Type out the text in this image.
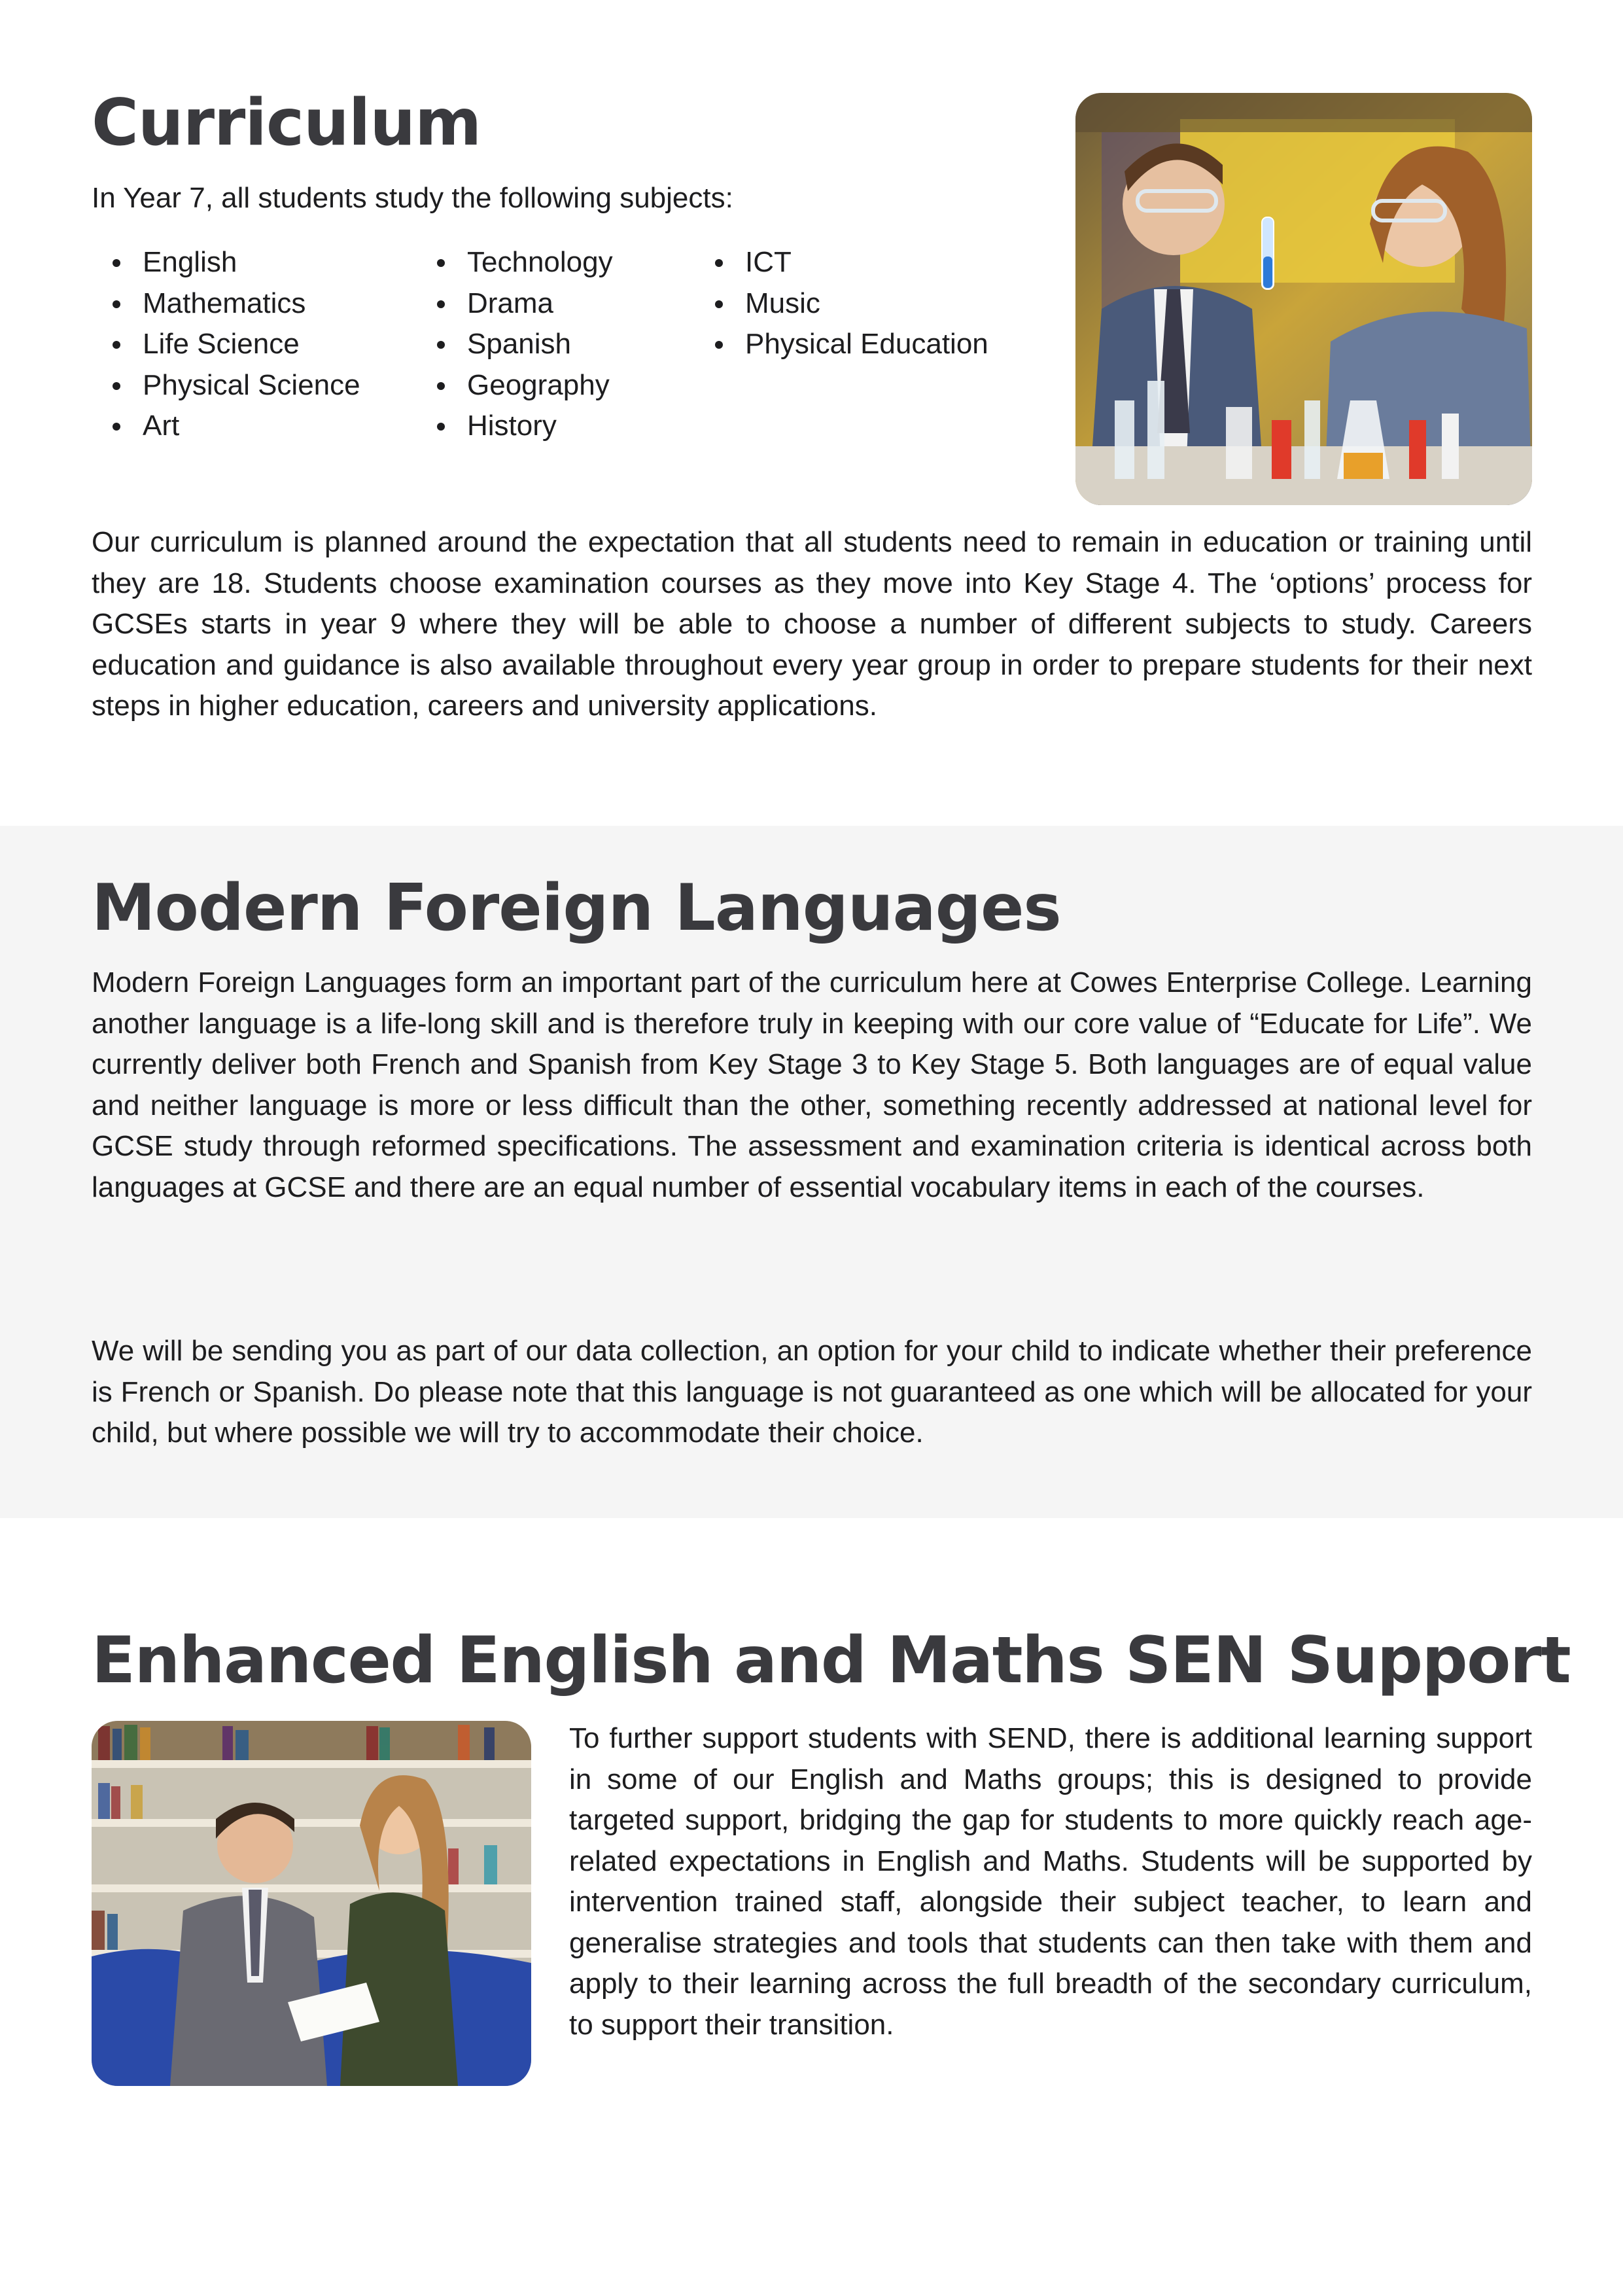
Curriculum

In Year 7, all students study the following subjects:

English
Mathematics
Life Science
Physical Science
Art
Technology
Drama
Spanish
Geography
History
ICT
Music
Physical Education

Our curriculum is planned around the expectation that all students need to remain in education or training until they are 18. Students choose examination courses as they move into Key Stage 4. The ‘options’ process for GCSEs starts in year 9 where they will be able to choose a number of different subjects to study. Careers education and guidance is also available throughout every year group in order to prepare students for their next steps in higher education, careers and university applications.

Modern Foreign Languages

Modern Foreign Languages form an important part of the curriculum here at Cowes Enterprise College. Learning another language is a life-long skill and is therefore truly in keeping with our core value of “Educate for Life”. We currently deliver both French and Spanish from Key Stage 3 to Key Stage 5. Both languages are of equal value and neither language is more or less difficult than the other, something recently addressed at national level for GCSE study through reformed specifications. The assessment and examination criteria is identical across both languages at GCSE and there are an equal number of essential vocabulary items in each of the courses.

We will be sending you as part of our data collection, an option for your child to indicate whether their preference is French or Spanish. Do please note that this language is not guaranteed as one which will be allocated for your child, but where possible we will try to accommodate their choice.

Enhanced English and Maths SEN Support

To further support students with SEND, there is additional learning support in some of our English and Maths groups; this is designed to provide targeted support, bridging the gap for students to more quickly reach age-related expectations in English and Maths. Students will be supported by intervention trained staff, alongside their subject teacher, to learn and generalise strategies and tools that students can then take with them and apply to their learning across the full breadth of the secondary curriculum, to support their transition.
